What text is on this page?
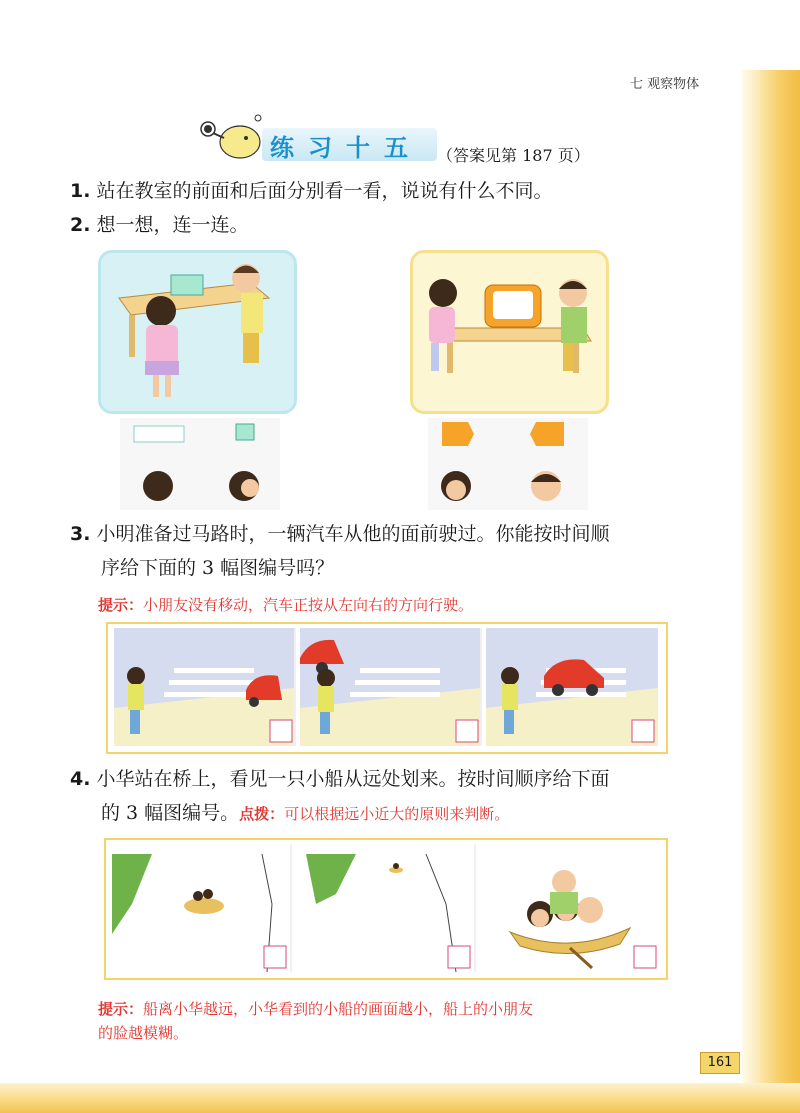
七 观察物体
练习十五 （答案见第 187 页）
1. 站在教室的前面和后面分别看一看，说说有什么不同。
2. 想一想，连一连。
3. 小明准备过马路时，一辆汽车从他的面前驶过。你能按时间顺
序给下面的 3 幅图编号吗？
提示：小朋友没有移动，汽车正按从左向右的方向行驶。
4. 小华站在桥上，看见一只小船从远处划来。按时间顺序给下面
的 3 幅图编号。点拨：可以根据远小近大的原则来判断。
提示：船离小华越远，小华看到的小船的画面越小，船上的小朋友
的脸越模糊。
161
